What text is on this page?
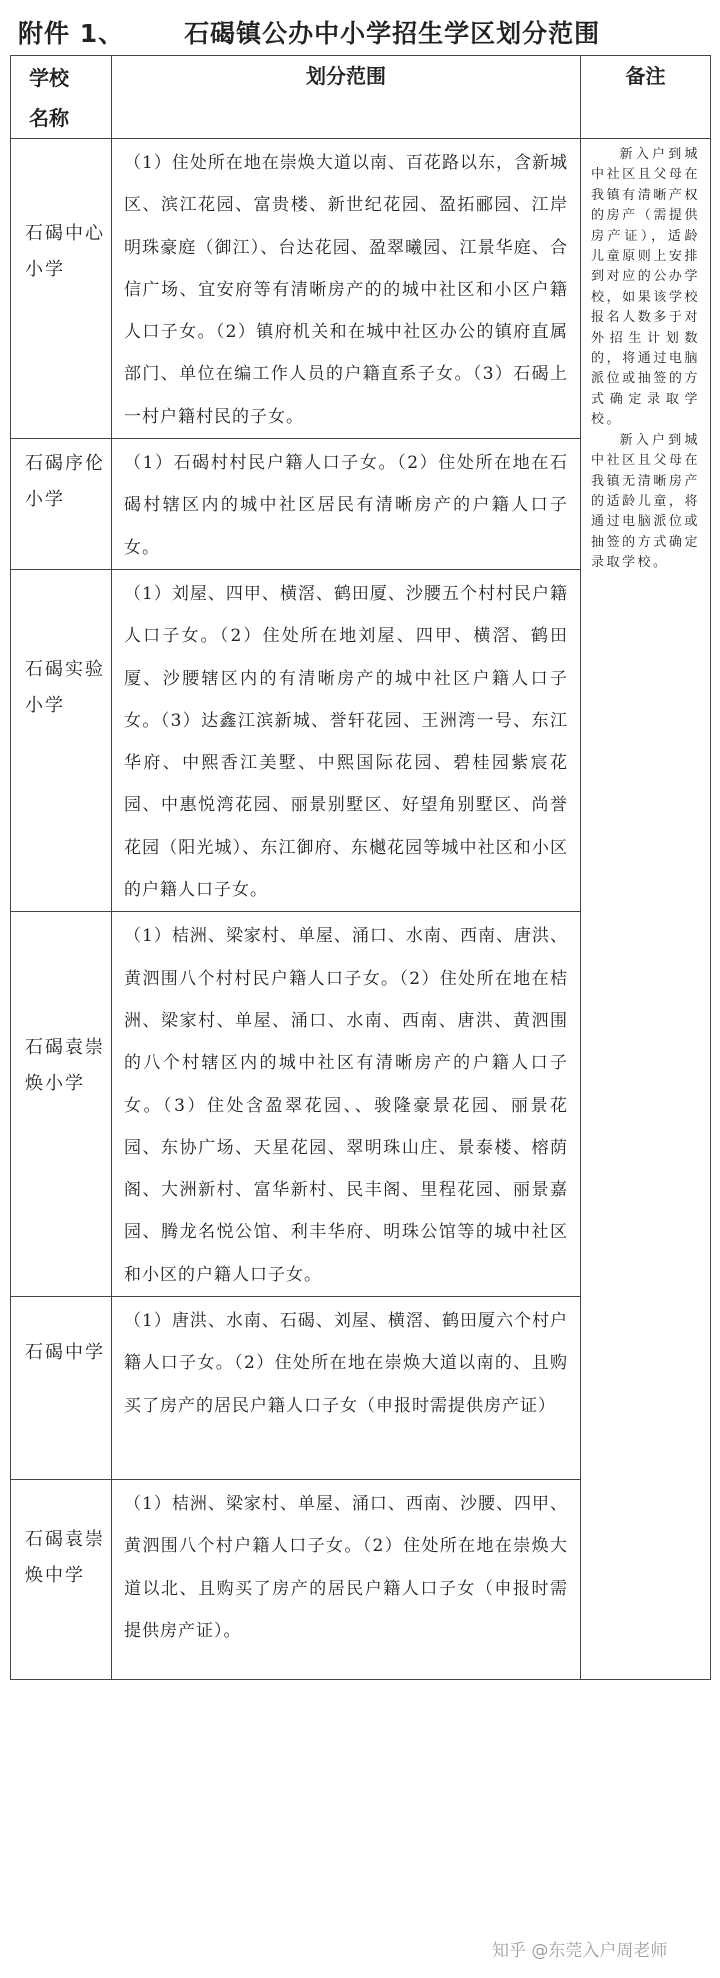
附件 1、 石碣镇公办中小学招生学区划分范围
学校名称	划分范围	备注

石碣中心小学	（1）住处所在地在崇焕大道以南、百花路以东，含新城区、滨江花园、富贵楼、新世纪花园、盈拓郦园、江岸明珠豪庭（御江）、台达花园、盈翠曦园、江景华庭、合信广场、宜安府等有清晰房产的的城中社区和小区户籍人口子女。（2）镇府机关和在城中社区办公的镇府直属部门、单位在编工作人员的户籍直系子女。（3）石碣上一村户籍村民的子女。	新入户到城中社区且父母在我镇有清晰产权的房产（需提供房产证），适龄儿童原则上安排到对应的公办学校，如果该学校报名人数多于对外招生计划数的，将通过电脑派位或抽签的方式确定录取学校。

新入户到城中社区且父母在我镇无清晰房产的适龄儿童，将通过电脑派位或抽签的方式确定录取学校。

石碣序伦小学	（1）石碣村村民户籍人口子女。（2）住处所在地在石碣村辖区内的城中社区居民有清晰房产的户籍人口子女。	

石碣实验小学	（1）刘屋、四甲、横滘、鹤田厦、沙腰五个村村民户籍人口子女。（2）住处所在地刘屋、四甲、横滘、鹤田厦、沙腰辖区内的有清晰房产的城中社区户籍人口子女。（3）达鑫江滨新城、誉轩花园、王洲湾一号、东江华府、中熙香江美墅、中熙国际花园、碧桂园紫宸花园、中惠悦湾花园、丽景别墅区、好望角别墅区、尚誉花园（阳光城）、东江御府、东樾花园等城中社区和小区的户籍人口子女。	

石碣袁崇焕小学	（1）桔洲、梁家村、单屋、涌口、水南、西南、唐洪、黄泗围八个村村民户籍人口子女。（2）住处所在地在桔洲、梁家村、单屋、涌口、水南、西南、唐洪、黄泗围的八个村辖区内的城中社区有清晰房产的户籍人口子女。（3）住处含盈翠花园、、骏隆豪景花园、丽景花园、东协广场、天星花园、翠明珠山庄、景泰楼、榕荫阁、大洲新村、富华新村、民丰阁、里程花园、丽景嘉园、腾龙名悦公馆、利丰华府、明珠公馆等的城中社区和小区的户籍人口子女。	

石碣中学	（1）唐洪、水南、石碣、刘屋、横滘、鹤田厦六个村户籍人口子女。（2）住处所在地在崇焕大道以南的、且购买了房产的居民户籍人口子女（申报时需提供房产证）	

石碣袁崇焕中学	（1）桔洲、梁家村、单屋、涌口、西南、沙腰、四甲、黄泗围八个村户籍人口子女。（2）住处所在地在崇焕大道以北、且购买了房产的居民户籍人口子女（申报时需提供房产证）。	
知乎 @东莞入户周老师
